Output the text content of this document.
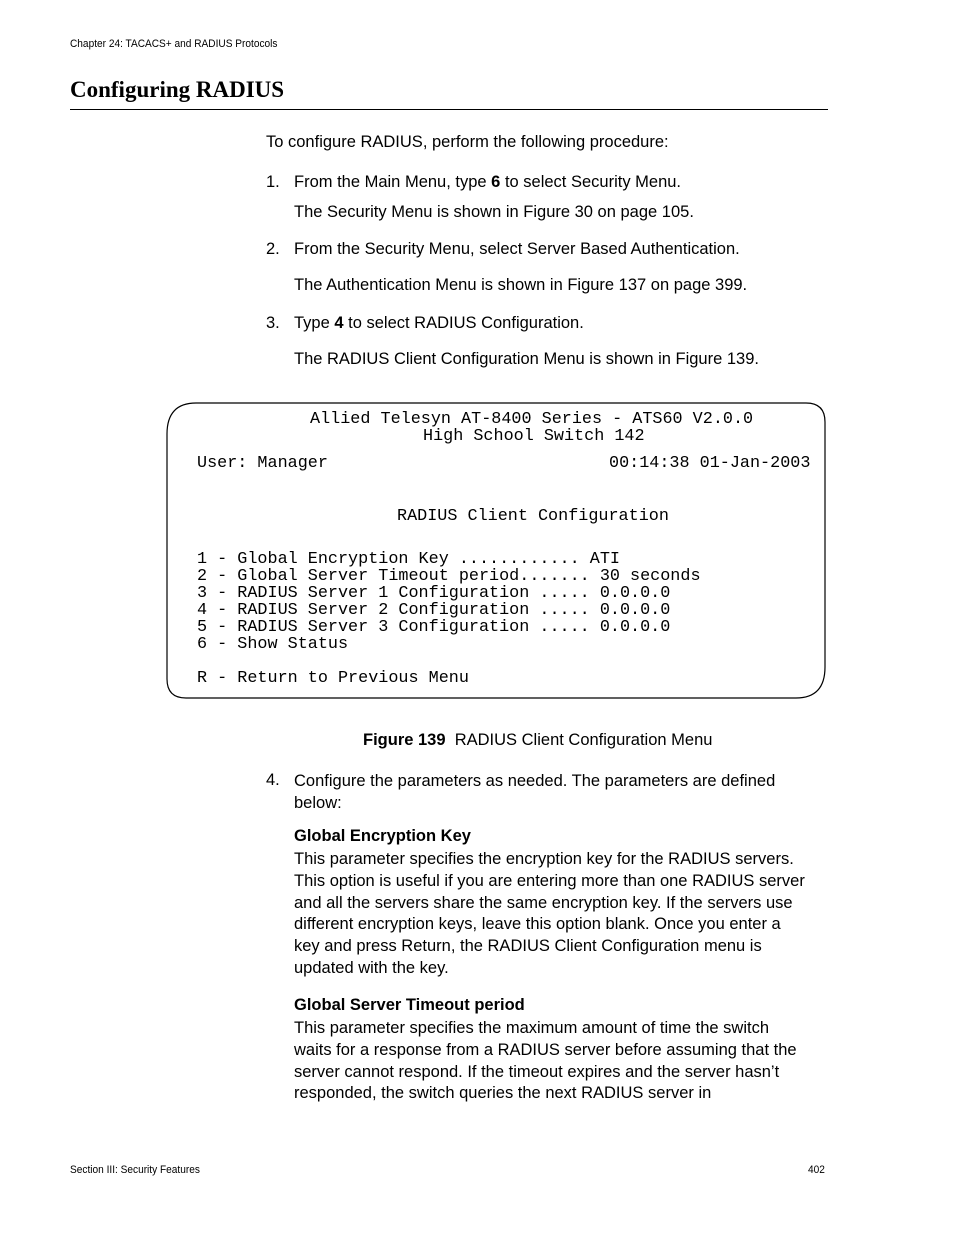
Chapter 24: TACACS+ and RADIUS Protocols
Configuring RADIUS
To configure RADIUS, perform the following procedure:
1. From the Main Menu, type 6 to select Security Menu.
The Security Menu is shown in Figure 30 on page 105.
2. From the Security Menu, select Server Based Authentication.
The Authentication Menu is shown in Figure 137 on page 399.
3. Type 4 to select RADIUS Configuration.
The RADIUS Client Configuration Menu is shown in Figure 139.
Allied Telesyn AT-8400 Series - ATS60 V2.0.0
High School Switch 142
User: Manager	00:14:38 01-Jan-2003
RADIUS Client Configuration
1 - Global Encryption Key ............ ATI
2 - Global Server Timeout period....... 30 seconds
3 - RADIUS Server 1 Configuration ..... 0.0.0.0
4 - RADIUS Server 2 Configuration ..... 0.0.0.0
5 - RADIUS Server 3 Configuration ..... 0.0.0.0
6 - Show Status
R - Return to Previous Menu
Figure 139 RADIUS Client Configuration Menu
4. Configure the parameters as needed. The parameters are defined below:
Global Encryption Key
This parameter specifies the encryption key for the RADIUS servers. This option is useful if you are entering more than one RADIUS server and all the servers share the same encryption key. If the servers use different encryption keys, leave this option blank. Once you enter a key and press Return, the RADIUS Client Configuration menu is updated with the key.
Global Server Timeout period
This parameter specifies the maximum amount of time the switch waits for a response from a RADIUS server before assuming that the server cannot respond. If the timeout expires and the server hasn’t responded, the switch queries the next RADIUS server in
Section III: Security Features	402
